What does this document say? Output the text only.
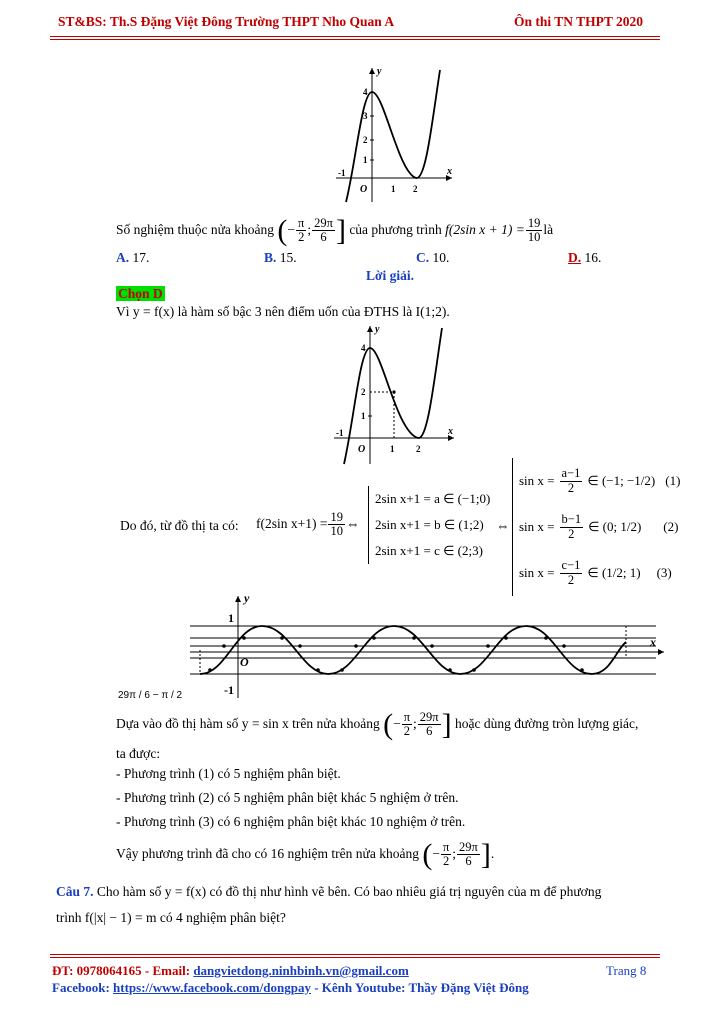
ST&BS: Th.S Đặng Việt Đông Trường THPT Nho Quan A	Ôn thi TN THPT 2020
y
x
4
3
2
1
-1
O	1 2
Số nghiệm thuộc nửa khoảng (− $\frac{\pi}{2}$ ; $\frac{29\pi}{6}$ ] của phương trình f(2sin $x + 1) = \frac{19}{10}$ là
A. 17.	B. 15.	C. 10.	D. 16.
Lời giải.
Chọn D
Vì y = f(x) là hàm số bậc 3 nên điểm uốn của ĐTHS là I(1;2).
y
x
4
2
1
-1
O	1 2
Do đó, từ đồ thị ta có: f(2sin $x+1) = \frac{19}{10}$ ⇔
2sin x+1 = a ∈ (−1;0)
2sin x+1 = b ∈ (1;2)
2sin x+1 = c ∈ (2;3)
⇔
$\sin x = \frac{a-1}{2}$ ∈ (−1; −1/2) (1)
$\sin x = \frac{b-1}{2}$ ∈ (0; 1/2) (2)
$\sin x = \frac{c-1}{2}$ ∈ (1/2; 1) (3)
y
x
1
-1
O
29π / 6 − π / 2
Dựa vào đồ thị hàm số y = sin x trên nửa khoảng (− $\frac{\pi}{2}$ ; $\frac{29\pi}{6}$ ] hoặc dùng đường tròn lượng giác,
ta được:
- Phương trình (1) có 5 nghiệm phân biệt.
- Phương trình (2) có 5 nghiệm phân biệt khác 5 nghiệm ở trên.
- Phương trình (3) có 6 nghiệm phân biệt khác 10 nghiệm ở trên.
Vậy phương trình đã cho có 16 nghiệm trên nửa khoảng (− $\frac{\pi}{2}$ ; $\frac{29\pi}{6}$ ].
Câu 7. Cho hàm số y = f(x) có đồ thị như hình vẽ bên. Có bao nhiêu giá trị nguyên của m để phương
trình f(|x| − 1) = m có 4 nghiệm phân biệt?
ĐT: 0978064165 - Email: dangvietdong.ninhbinh.vn@gmail.com	Trang 8
Facebook: https://www.facebook.com/dongpay - Kênh Youtube: Thầy Đặng Việt Đông
